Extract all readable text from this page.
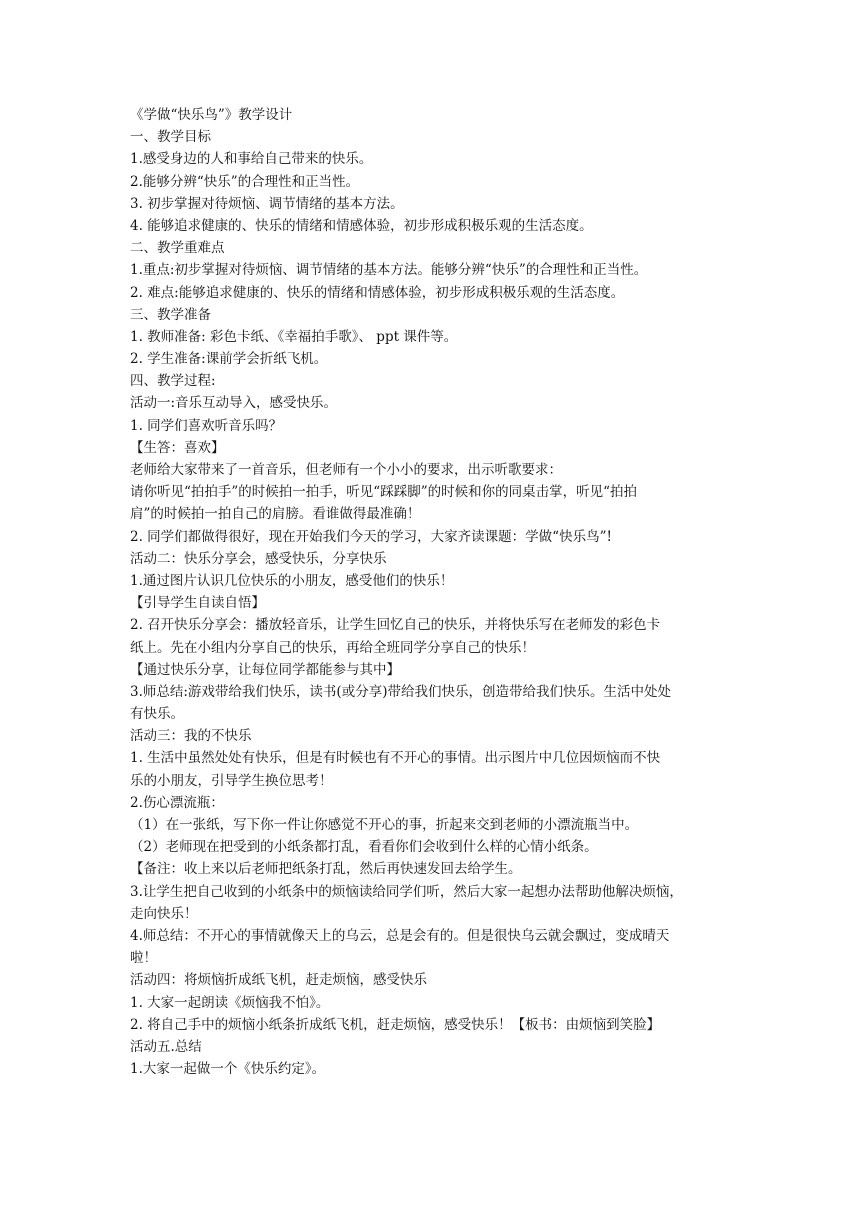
《学做“快乐鸟”》教学设计
一、教学目标
1.感受身边的人和事给自己带来的快乐。
2.能够分辨“快乐”的合理性和正当性。
3. 初步掌握对待烦恼、调节情绪的基本方法。
4. 能够追求健康的、快乐的情绪和情感体验，初步形成积极乐观的生活态度。
二、教学重难点
1.重点:初步掌握对待烦恼、调节情绪的基本方法。能够分辨“快乐”的合理性和正当性。
2. 难点:能够追求健康的、快乐的情绪和情感体验，初步形成积极乐观的生活态度。
三、教学准备
1. 教师准备: 彩色卡纸、《幸福拍手歌》、 ppt 课件等。
2. 学生准备:课前学会折纸飞机。
四、教学过程:
活动一:音乐互动导入，感受快乐。
1. 同学们喜欢听音乐吗？
【生答：喜欢】
老师给大家带来了一首音乐，但老师有一个小小的要求，出示听歌要求：
请你听见“拍拍手”的时候拍一拍手，听见“踩踩脚”的时候和你的同桌击掌，听见“拍拍
肩”的时候拍一拍自己的肩膀。看谁做得最准确！
2. 同学们都做得很好，现在开始我们今天的学习，大家齐读课题：学做“快乐鸟”!
活动二：快乐分享会，感受快乐，分享快乐
1.通过图片认识几位快乐的小朋友，感受他们的快乐！
【引导学生自读自悟】
2. 召开快乐分享会：播放轻音乐，让学生回忆自己的快乐，并将快乐写在老师发的彩色卡
纸上。先在小组内分享自己的快乐，再给全班同学分享自己的快乐！
【通过快乐分享，让每位同学都能参与其中】
3.师总结:游戏带给我们快乐，读书(或分享)带给我们快乐，创造带给我们快乐。生活中处处
有快乐。
活动三：我的不快乐
1. 生活中虽然处处有快乐，但是有时候也有不开心的事情。出示图片中几位因烦恼而不快
乐的小朋友，引导学生换位思考！
2.伤心漂流瓶：
（1）在一张纸，写下你一件让你感觉不开心的事，折起来交到老师的小漂流瓶当中。
（2）老师现在把受到的小纸条都打乱，看看你们会收到什么样的心情小纸条。
【备注：收上来以后老师把纸条打乱，然后再快速发回去给学生。
3.让学生把自己收到的小纸条中的烦恼读给同学们听，然后大家一起想办法帮助他解决烦恼，
走向快乐！
4.师总结：不开心的事情就像天上的乌云，总是会有的。但是很快乌云就会飘过，变成晴天
啦！
活动四：将烦恼折成纸飞机，赶走烦恼，感受快乐
1. 大家一起朗读《烦恼我不怕》。
2. 将自己手中的烦恼小纸条折成纸飞机，赶走烦恼，感受快乐！【板书：由烦恼到笑脸】
活动五.总结
1.大家一起做一个《快乐约定》。
